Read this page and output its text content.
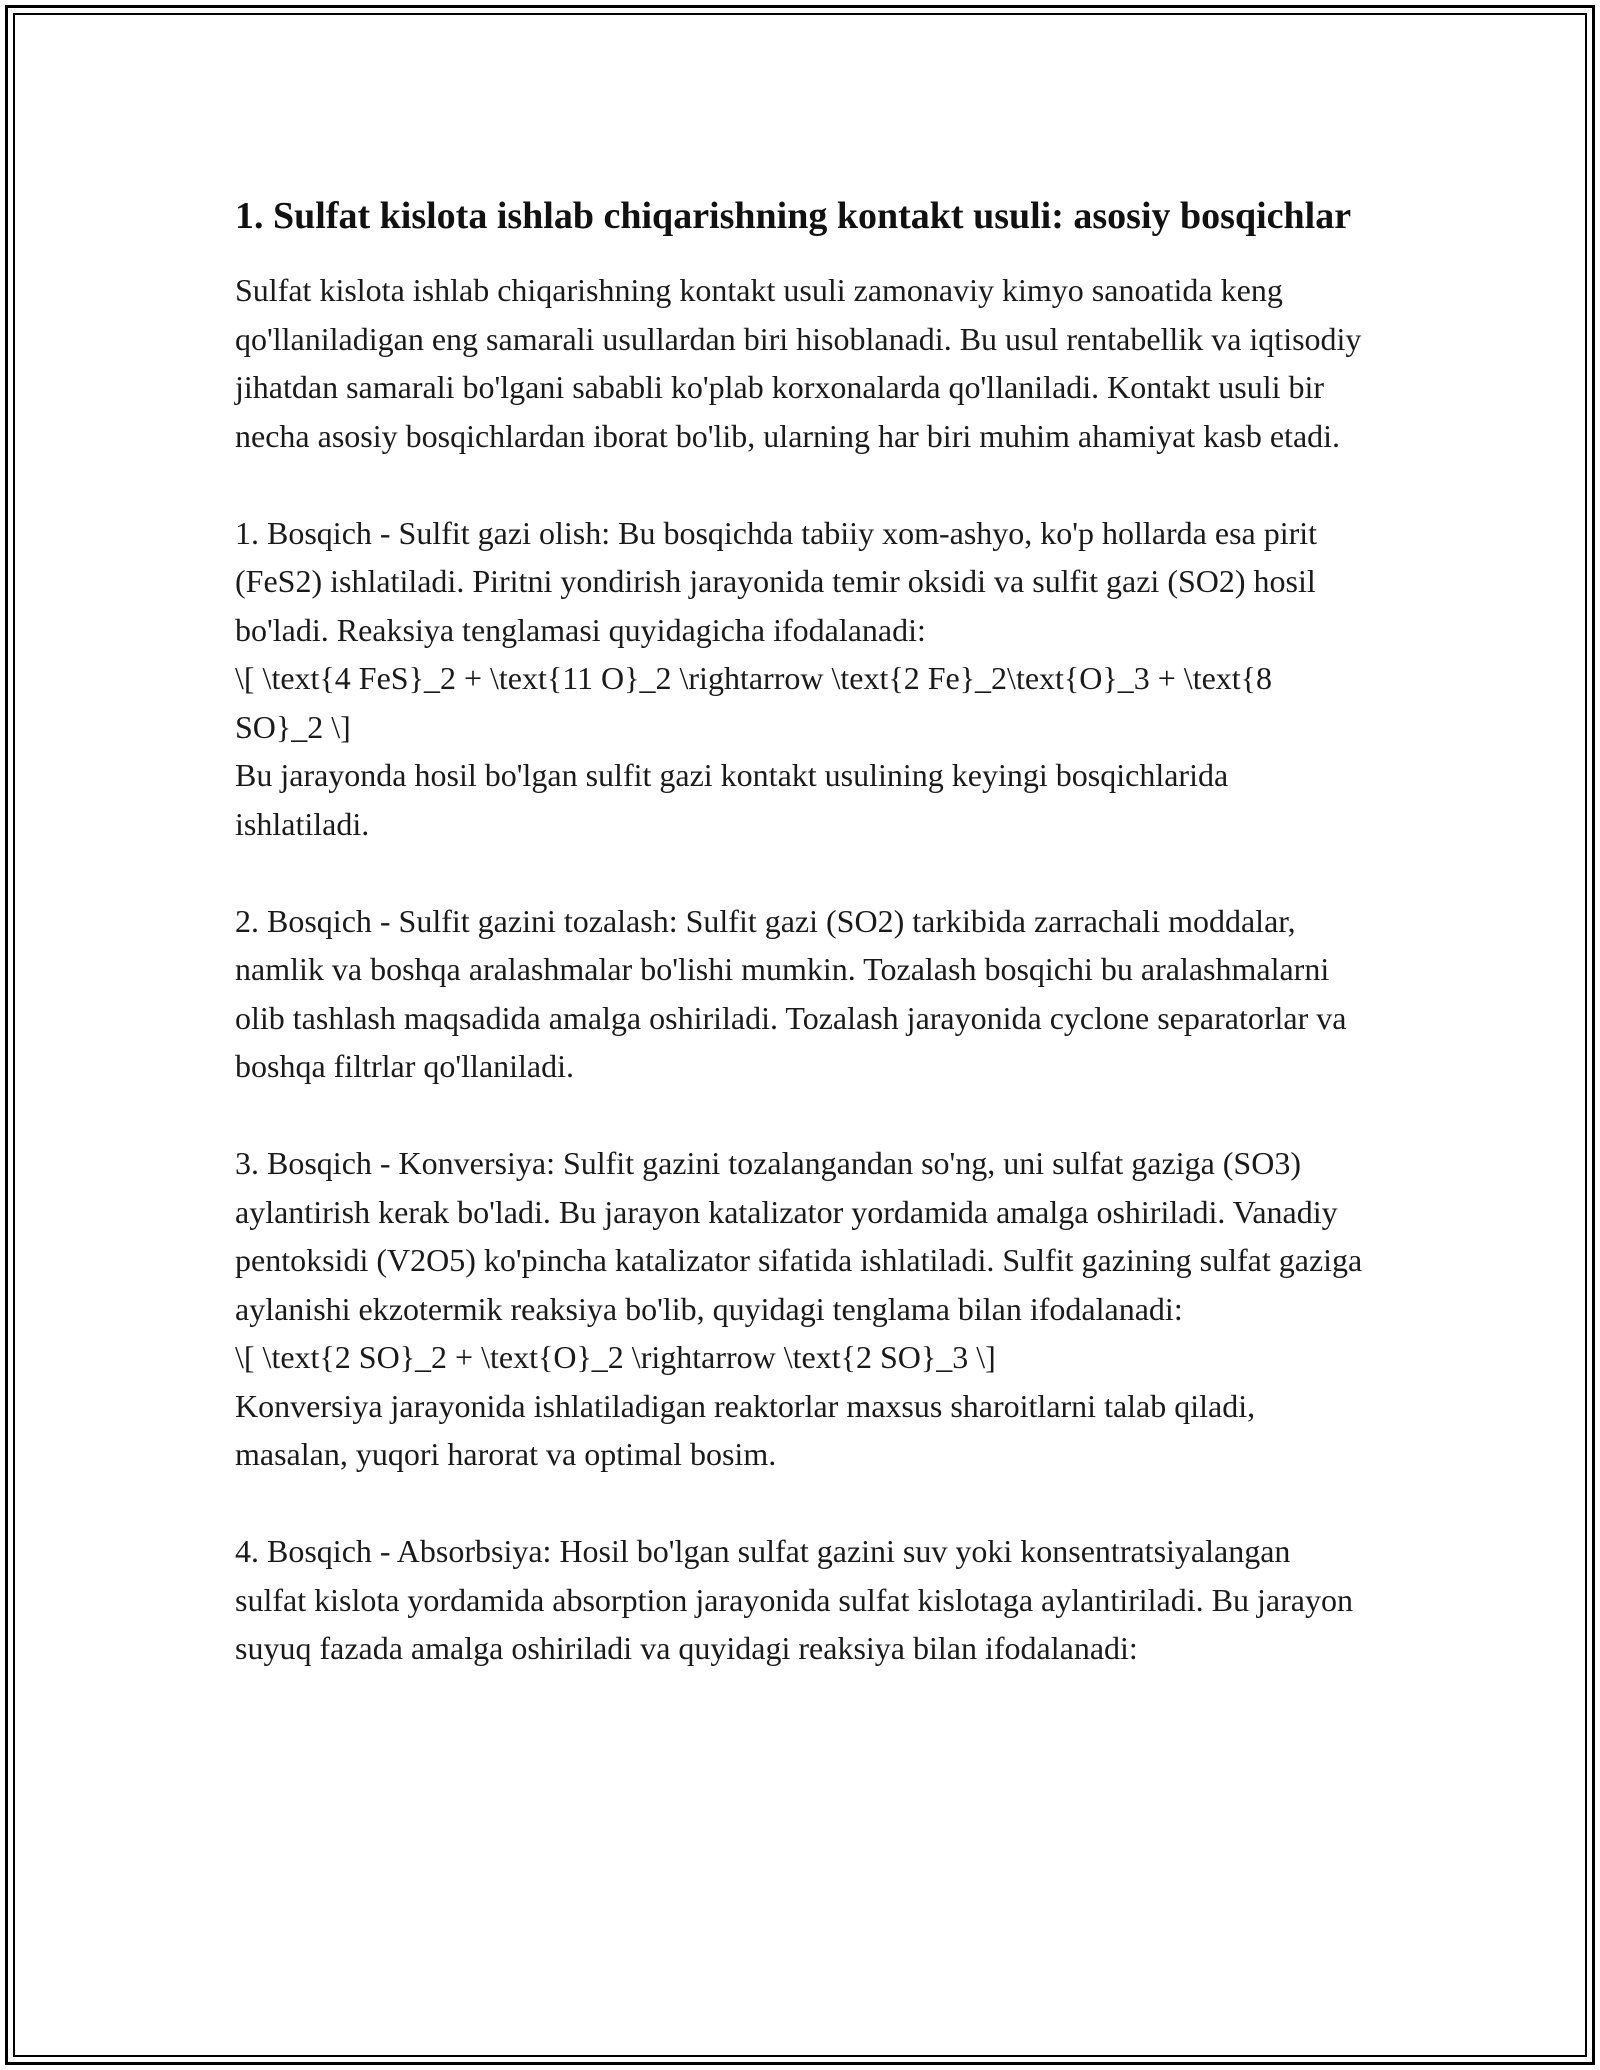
1. Sulfat kislota ishlab chiqarishning kontakt usuli: asosiy bosqichlar

Sulfat kislota ishlab chiqarishning kontakt usuli zamonaviy kimyo sanoatida keng qo'llaniladigan eng samarali usullardan biri hisoblanadi. Bu usul rentabellik va iqtisodiy jihatdan samarali bo'lgani sababli ko'plab korxonalarda qo'llaniladi. Kontakt usuli bir necha asosiy bosqichlardan iborat bo'lib, ularning har biri muhim ahamiyat kasb etadi.

1. Bosqich - Sulfit gazi olish: Bu bosqichda tabiiy xom-ashyo, ko'p hollarda esa pirit (FeS2) ishlatiladi. Piritni yondirish jarayonida temir oksidi va sulfit gazi (SO2) hosil bo'ladi. Reaksiya tenglamasi quyidagicha ifodalanadi:

\[ \text{4 FeS}_2 + \text{11 O}_2 \rightarrow \text{2 Fe}_2\text{O}_3 + \text{8 SO}_2 \]

Bu jarayonda hosil bo'lgan sulfit gazi kontakt usulining keyingi bosqichlarida ishlatiladi.

2. Bosqich - Sulfit gazini tozalash: Sulfit gazi (SO2) tarkibida zarrachali moddalar, namlik va boshqa aralashmalar bo'lishi mumkin. Tozalash bosqichi bu aralashmalarni olib tashlash maqsadida amalga oshiriladi. Tozalash jarayonida cyclone separatorlar va boshqa filtrlar qo'llaniladi.

3. Bosqich - Konversiya: Sulfit gazini tozalangandan so'ng, uni sulfat gaziga (SO3) aylantirish kerak bo'ladi. Bu jarayon katalizator yordamida amalga oshiriladi. Vanadiy pentoksidi (V2O5) ko'pincha katalizator sifatida ishlatiladi. Sulfit gazining sulfat gaziga aylanishi ekzotermik reaksiya bo'lib, quyidagi tenglama bilan ifodalanadi:

\[ \text{2 SO}_2 + \text{O}_2 \rightarrow \text{2 SO}_3 \]

Konversiya jarayonida ishlatiladigan reaktorlar maxsus sharoitlarni talab qiladi, masalan, yuqori harorat va optimal bosim.

4. Bosqich - Absorbsiya: Hosil bo'lgan sulfat gazini suv yoki konsentratsiyalangan sulfat kislota yordamida absorption jarayonida sulfat kislotaga aylantiriladi. Bu jarayon suyuq fazada amalga oshiriladi va quyidagi reaksiya bilan ifodalanadi:
